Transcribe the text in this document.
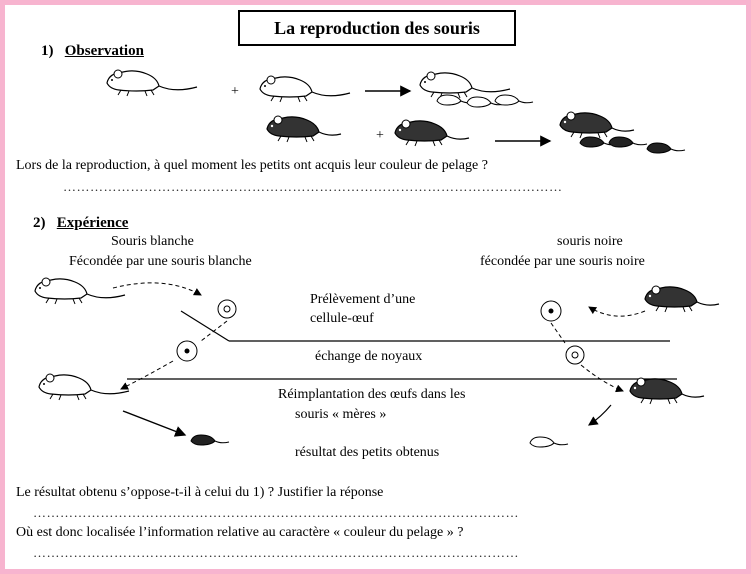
La reproduction des souris
1) Observation
Lors de la reproduction, à quel moment les petits ont acquis leur couleur de pelage ?
…………………………………………………………………………………………………
2) Expérience
Souris blanche
Fécondée par une souris blanche
souris noire
fécondée par une souris noire
Prélèvement d’une
cellule-œuf
échange de noyaux
Réimplantation des œufs dans les
souris « mères »
résultat des petits obtenus
Le résultat obtenu s’oppose-t-il à celui du 1) ? Justifier la réponse
………………………………………………………………………………………………
Où est donc localisée l’information relative au caractère « couleur du pelage » ?
………………………………………………………………………………………………
+
+
